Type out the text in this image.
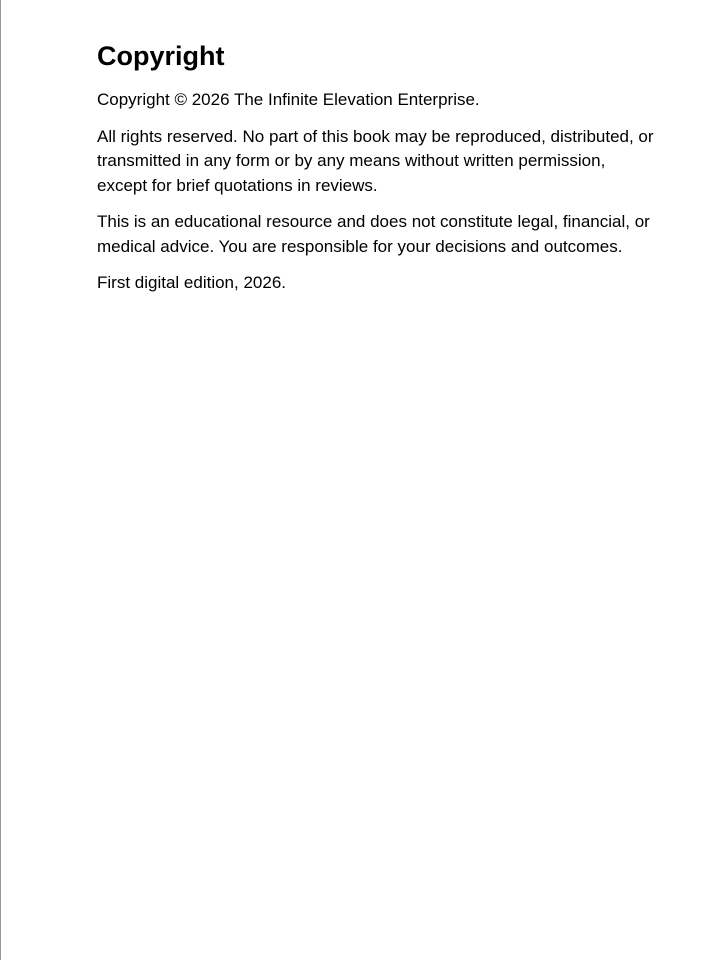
Copyright

Copyright © 2026 The Infinite Elevation Enterprise.

All rights reserved. No part of this book may be reproduced, distributed, or transmitted in any form or by any means without written permission, except for brief quotations in reviews.

This is an educational resource and does not constitute legal, financial, or medical advice. You are responsible for your decisions and outcomes.

First digital edition, 2026.
